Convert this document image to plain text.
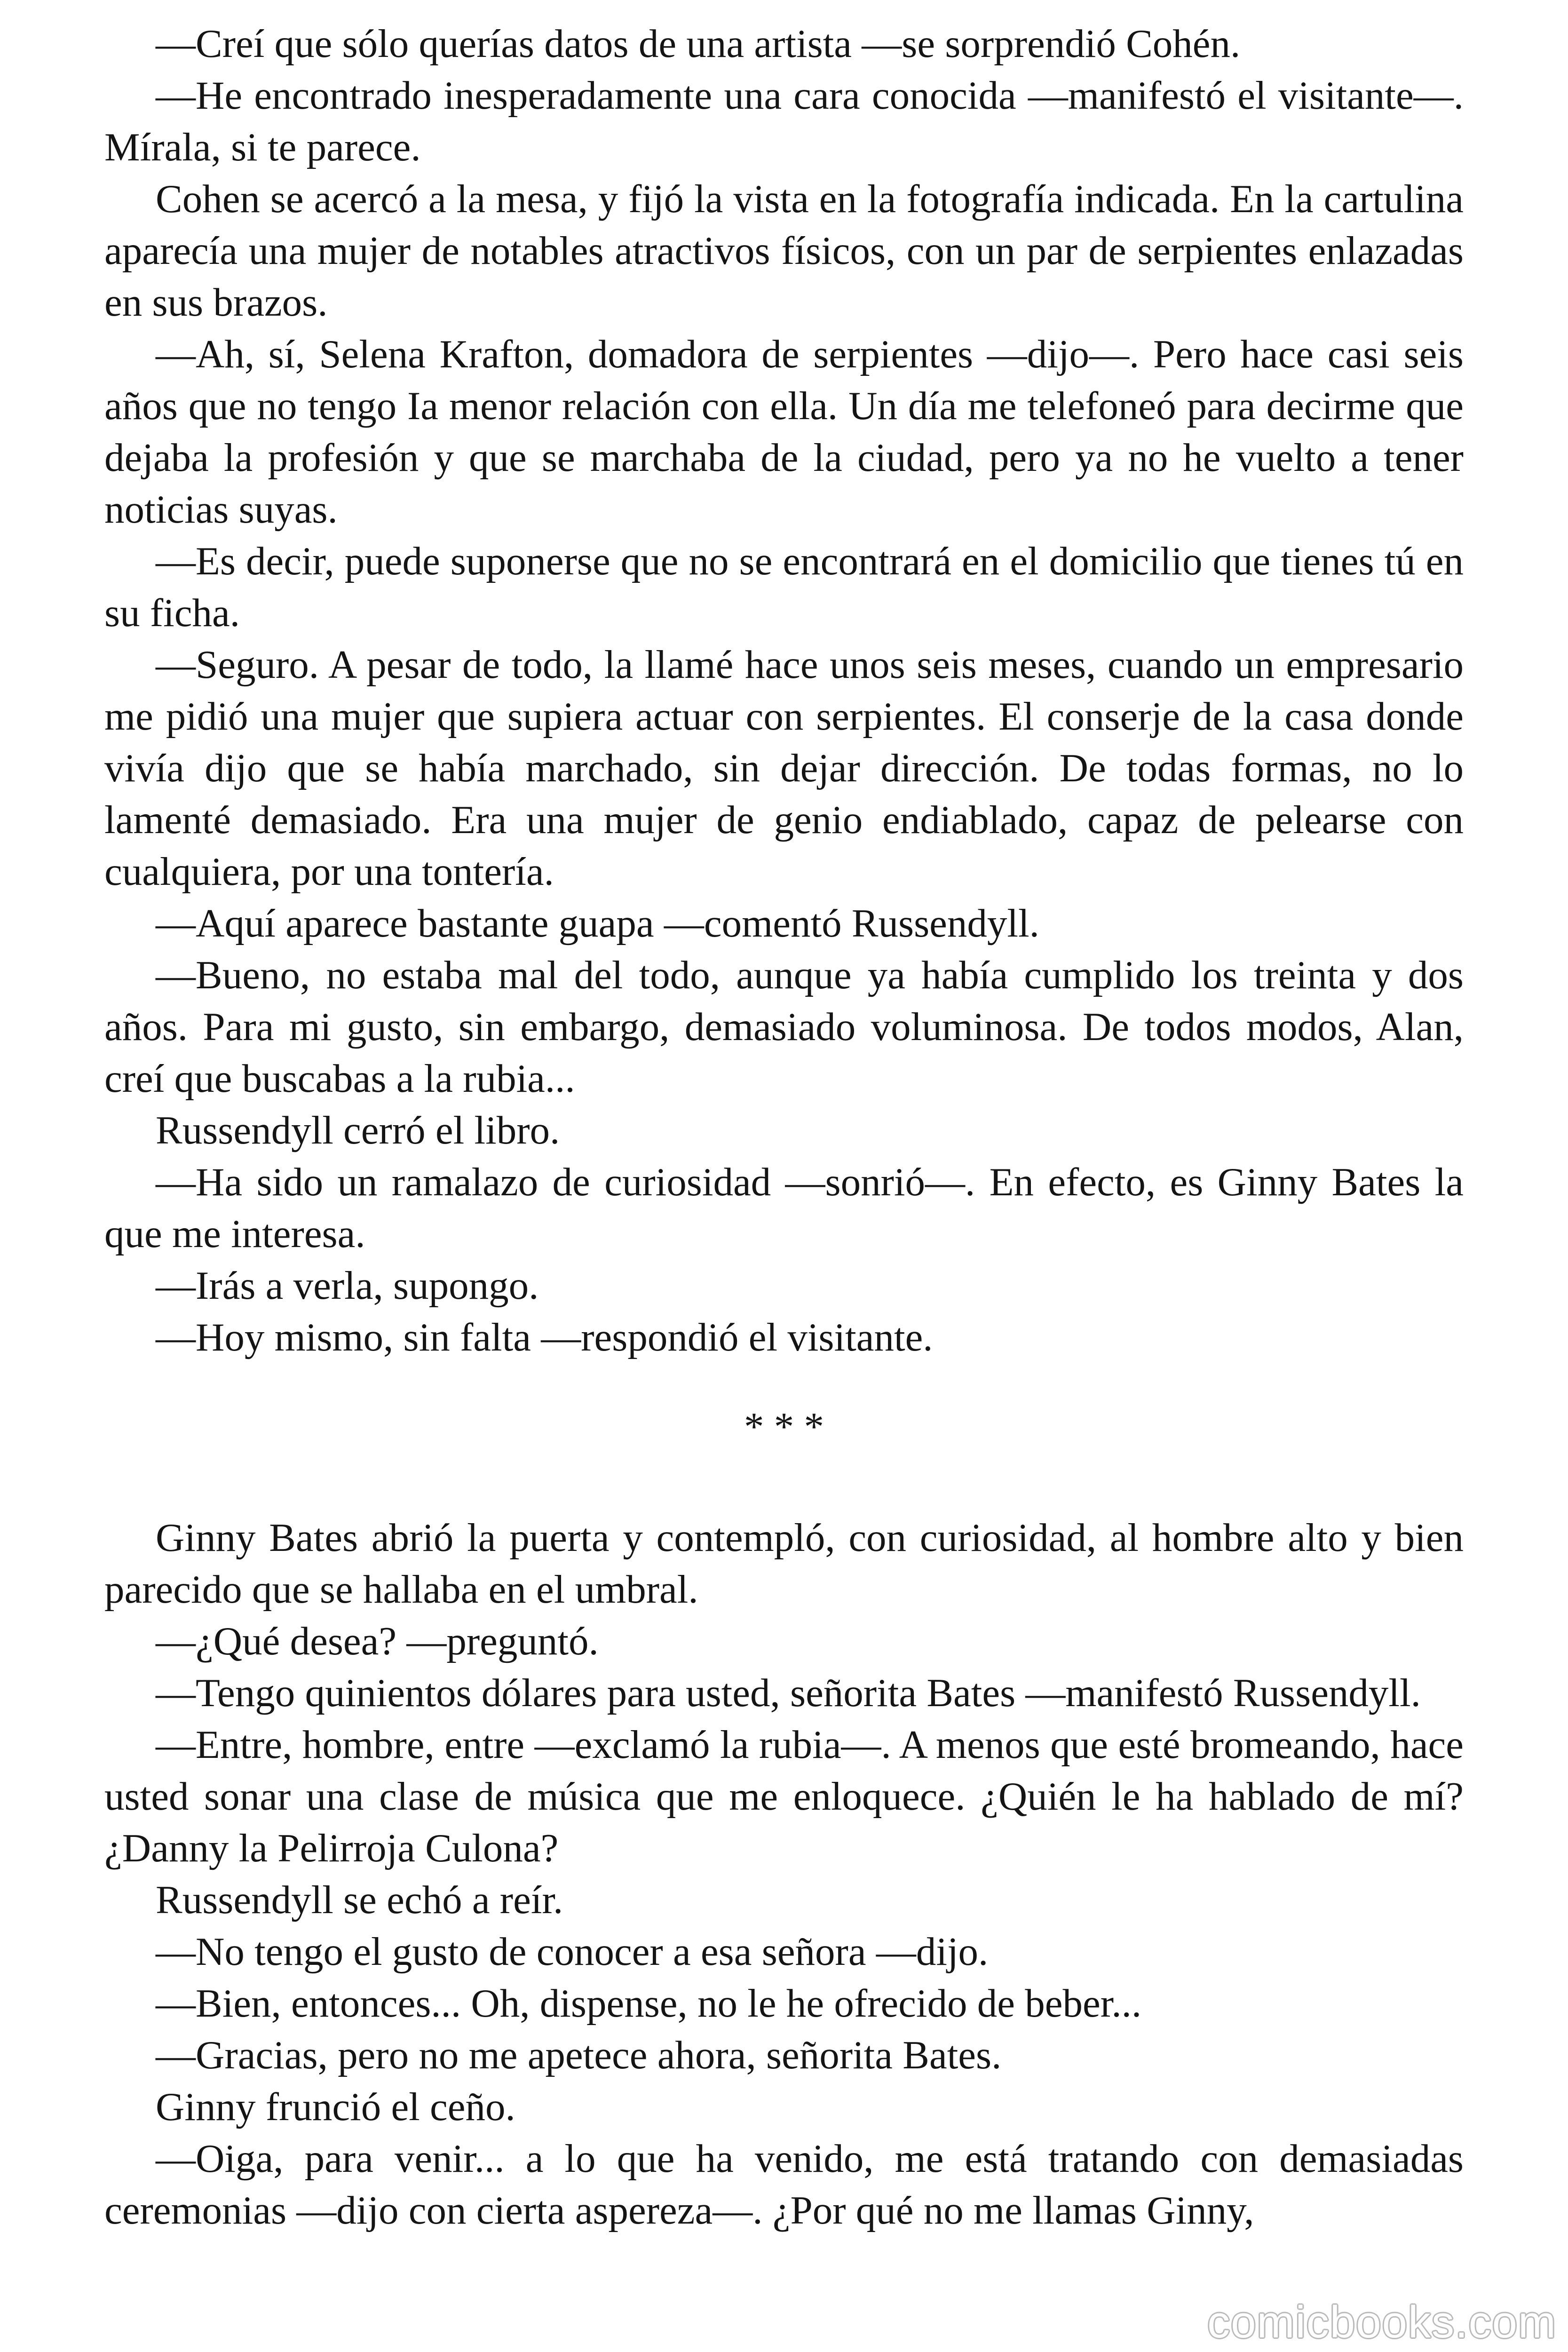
—Creí que sólo querías datos de una artista —se sorprendió Cohén.

—He encontrado inesperadamente una cara conocida —manifestó el visitante—. Mírala, si te parece.

Cohen se acercó a la mesa, y fijó la vista en la fotografía indicada. En la cartulina aparecía una mujer de notables atractivos físicos, con un par de serpientes enlazadas en sus brazos.

—Ah, sí, Selena Krafton, domadora de serpientes —dijo—. Pero hace casi seis años que no tengo Ia menor relación con ella. Un día me telefoneó para decirme que dejaba la profesión y que se marchaba de la ciudad, pero ya no he vuelto a tener noticias suyas.

—Es decir, puede suponerse que no se encontrará en el domicilio que tienes tú en su ficha.

—Seguro. A pesar de todo, la llamé hace unos seis meses, cuando un empresario me pidió una mujer que supiera actuar con serpientes. El conserje de la casa donde vivía dijo que se había marchado, sin dejar dirección. De todas formas, no lo lamenté demasiado. Era una mujer de genio endiablado, capaz de pelearse con cualquiera, por una tontería.

—Aquí aparece bastante guapa —comentó Russendyll.

—Bueno, no estaba mal del todo, aunque ya había cumplido los treinta y dos años. Para mi gusto, sin embargo, demasiado voluminosa. De todos modos, Alan, creí que buscabas a la rubia...

Russendyll cerró el libro.

—Ha sido un ramalazo de curiosidad —sonrió—. En efecto, es Ginny Bates la que me interesa.

—Irás a verla, supongo.

—Hoy mismo, sin falta —respondió el visitante.

* * *

Ginny Bates abrió la puerta y contempló, con curiosidad, al hombre alto y bien parecido que se hallaba en el umbral.

—¿Qué desea? —preguntó.

—Tengo quinientos dólares para usted, señorita Bates —manifestó Russendyll.

—Entre, hombre, entre —exclamó la rubia—. A menos que esté bromeando, hace usted sonar una clase de música que me enloquece. ¿Quién le ha hablado de mí? ¿Danny la Pelirroja Culona?

Russendyll se echó a reír.

—No tengo el gusto de conocer a esa señora —dijo.

—Bien, entonces... Oh, dispense, no le he ofrecido de beber...

—Gracias, pero no me apetece ahora, señorita Bates.

Ginny frunció el ceño.

—Oiga, para venir... a lo que ha venido, me está tratando con demasiadas ceremonias —dijo con cierta aspereza—. ¿Por qué no me llamas Ginny,

comicbooks.com
